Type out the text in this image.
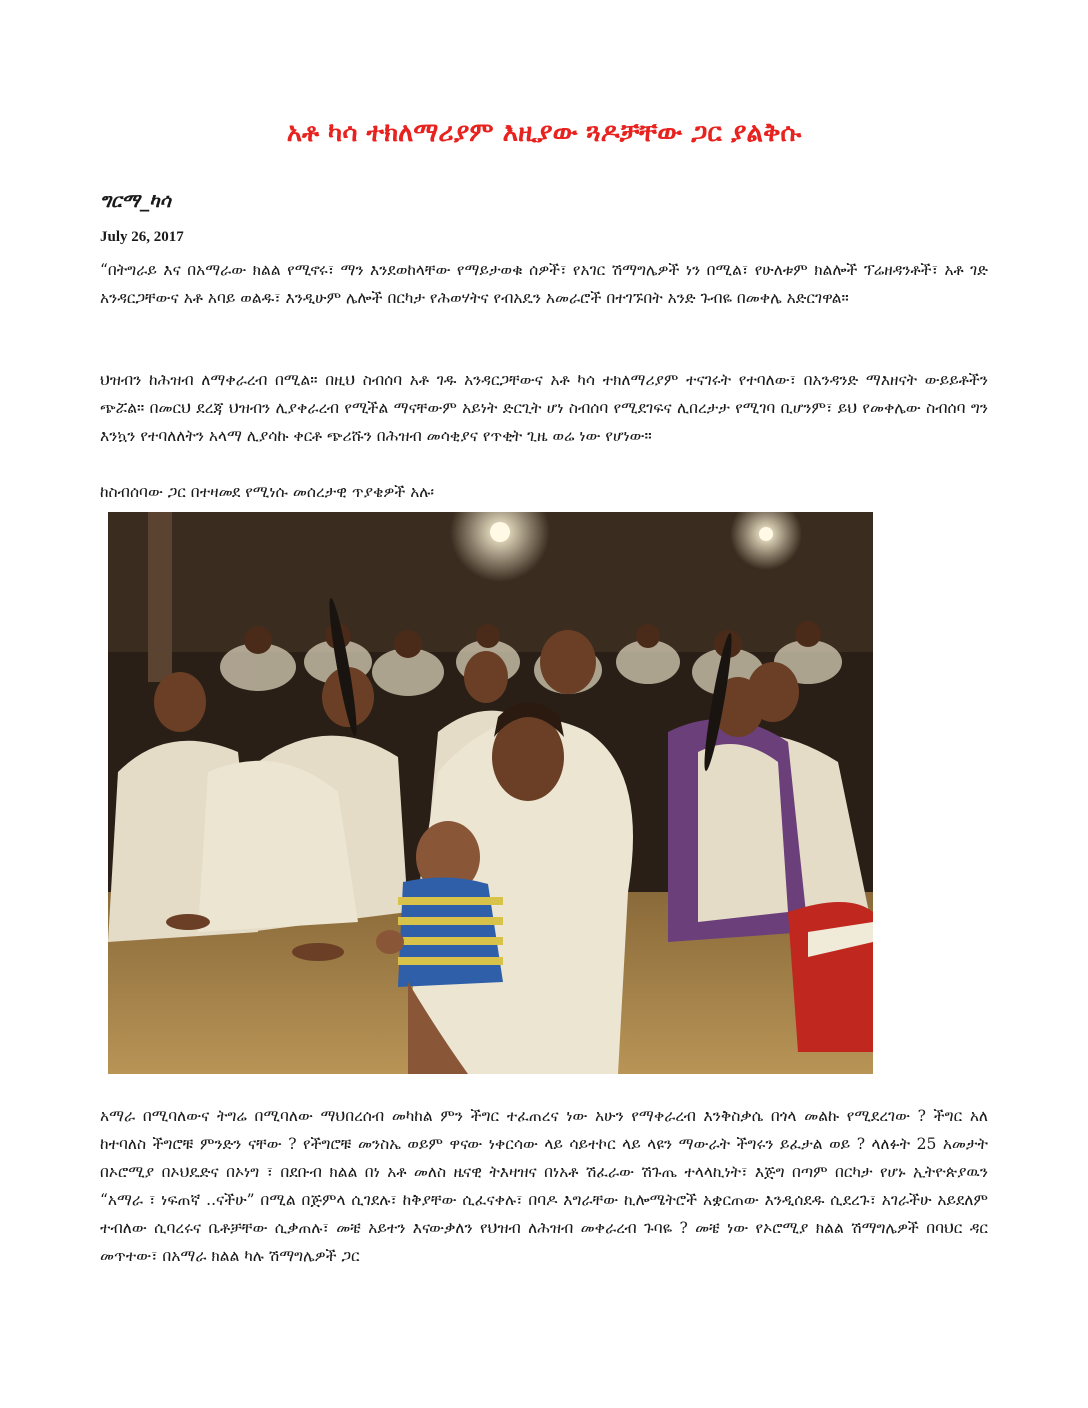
አቶ ካሳ ተክለማሪያም እዚያው ጓዶቻቸው ጋር ያልቅሱ

ግርማ_ካሳ

July 26, 2017

“በትግራይ እና በአማራው ክልል የሚኖሩ፣ ማን እንደወከላቸው የማይታወቁ ሰዎች፣ የአገር ሽማግሌዎች ነን በሚል፣ የሁለቱም ክልሎች ፕሬዘዳንቶች፣ አቶ ገድ አንዳርጋቸውና አቶ አባይ ወልዱ፣ እንዲሁም ሌሎች በርካታ የሕወሃትና የብአዴን አመራሮች በተገኙበት አንድ ጉብዬ በመቀሌ አድርገዋል።

ህዝብን ከሕዝብ ለማቀራረብ በሚል። በዚህ ስብሰባ አቶ ገዱ አንዳርጋቸውና አቶ ካሳ ተክለማሪያም ተናገሩት የተባለው፣ በአንዳንድ ማእዘናት ውይይቶችን ጭሯል። በመርህ ደረጃ ህዝብን ሊያቀራረብ የሚችል ማናቸውም አይነት ድርጊት ሆነ ስብሰባ የሚደገፍና ሊበረታታ የሚገባ ቢሆንም፣ ይህ የመቀሌው ስብሰባ ግን እንኳን የተባለለትን አላማ ሊያሳኩ ቀርቶ ጭሪሹን በሕዝብ መሳቂያና የጥቂት ጊዜ ወሬ ነው የሆነው።

ከስብሰባው ጋር በተዛመደ የሚነሱ መሰረታዊ ጥያቄዎች አሉ፡

አማራ በሚባለውና ትግሬ በሚባለው ማህበረሰብ መካከል ምን ችግር ተፈጠረና ነው አሁን የማቀራረብ እንቅስቃሴ በጎላ መልኩ የሚደረገው ? ችግር አለ ከተባለስ ችግሮቹ ምንድን ናቸው ? የችግሮቹ መንስኤ ወይም ዋናው ነቀርሳው ላይ ሳይተኮር ላይ ላዩን ማውራት ችግሩን ይፈታል ወይ ? ላለፉት 25 አመታት በኦሮሚያ በኦህዴድና በኦነግ ፣ በደቡብ ክልል በነ አቶ መለስ ዜናዊ ትእዛዝና በነአቶ ሽፈራው ሽጉጤ ተላላኪነት፣ እጅግ በጣም በርካታ የሆኑ ኢትዮጵያዉን “አማራ ፣ ነፍጠኛ ..ናችሁ” በሚል በጅምላ ሲገደሉ፣ ከቅያቸው ሲፈናቀሉ፣ በባዶ እግራቸው ኪሎሜትሮች አቋርጠው እንዲሰደዱ ሲደረጉ፣ አገራችሁ አይደለም ተብለው ሲባረሩና ቤቶቻቸው ሲቃጠሉ፣ መቼ አይተን እናውቃለን የህዝብ ለሕዝብ መቀራረብ ጉባዬ ? መቼ ነው የኦሮሚያ ክልል ሽማግሌዎች በባህር ዳር መጥተው፣ በአማራ ክልል ካሉ ሽማግሌዎች ጋር
